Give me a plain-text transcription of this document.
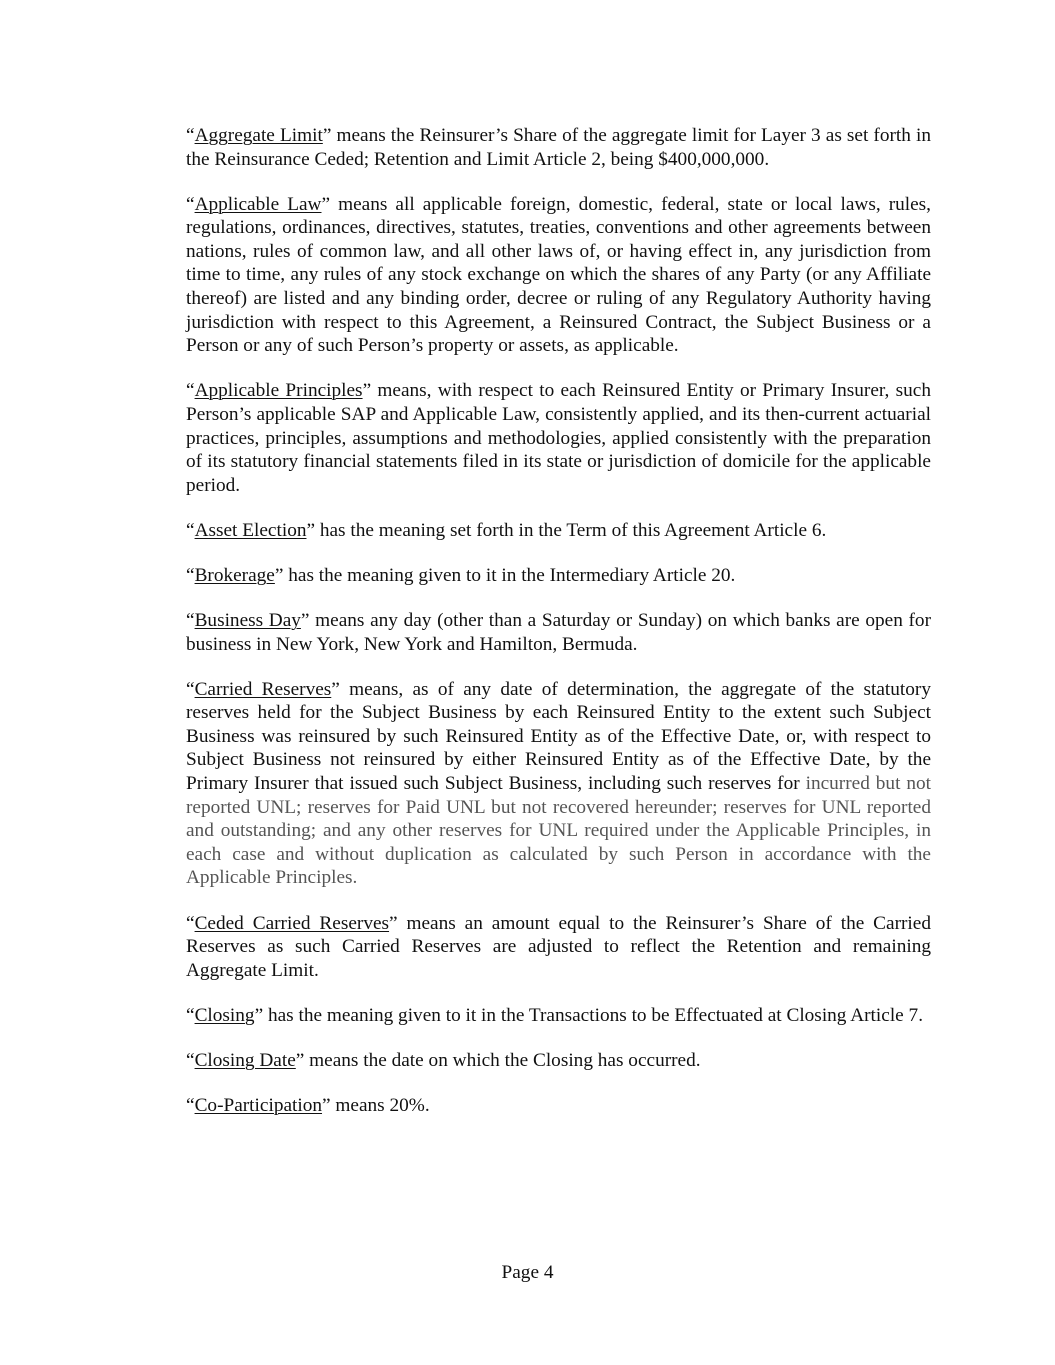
“Aggregate Limit” means the Reinsurer’s Share of the aggregate limit for Layer 3 as set forth in the Reinsurance Ceded; Retention and Limit Article 2, being $400,000,000.

“Applicable Law” means all applicable foreign, domestic, federal, state or local laws, rules, regulations, ordinances, directives, statutes, treaties, conventions and other agreements between nations, rules of common law, and all other laws of, or having effect in, any jurisdiction from time to time, any rules of any stock exchange on which the shares of any Party (or any Affiliate thereof) are listed and any binding order, decree or ruling of any Regulatory Authority having jurisdiction with respect to this Agreement, a Reinsured Contract, the Subject Business or a Person or any of such Person’s property or assets, as applicable.

“Applicable Principles” means, with respect to each Reinsured Entity or Primary Insurer, such Person’s applicable SAP and Applicable Law, consistently applied, and its then-current actuarial practices, principles, assumptions and methodologies, applied consistently with the preparation of its statutory financial statements filed in its state or jurisdiction of domicile for the applicable period.

“Asset Election” has the meaning set forth in the Term of this Agreement Article 6.

“Brokerage” has the meaning given to it in the Intermediary Article 20.

“Business Day” means any day (other than a Saturday or Sunday) on which banks are open for business in New York, New York and Hamilton, Bermuda.

“Carried Reserves” means, as of any date of determination, the aggregate of the statutory reserves held for the Subject Business by each Reinsured Entity to the extent such Subject Business was reinsured by such Reinsured Entity as of the Effective Date, or, with respect to Subject Business not reinsured by either Reinsured Entity as of the Effective Date, by the Primary Insurer that issued such Subject Business, including such reserves for incurred but not reported UNL; reserves for Paid UNL but not recovered hereunder; reserves for UNL reported and outstanding; and any other reserves for UNL required under the Applicable Principles, in each case and without duplication as calculated by such Person in accordance with the Applicable Principles.

“Ceded Carried Reserves” means an amount equal to the Reinsurer’s Share of the Carried Reserves as such Carried Reserves are adjusted to reflect the Retention and remaining Aggregate Limit.

“Closing” has the meaning given to it in the Transactions to be Effectuated at Closing Article 7.

“Closing Date” means the date on which the Closing has occurred.

“Co-Participation” means 20%.

Page 4
